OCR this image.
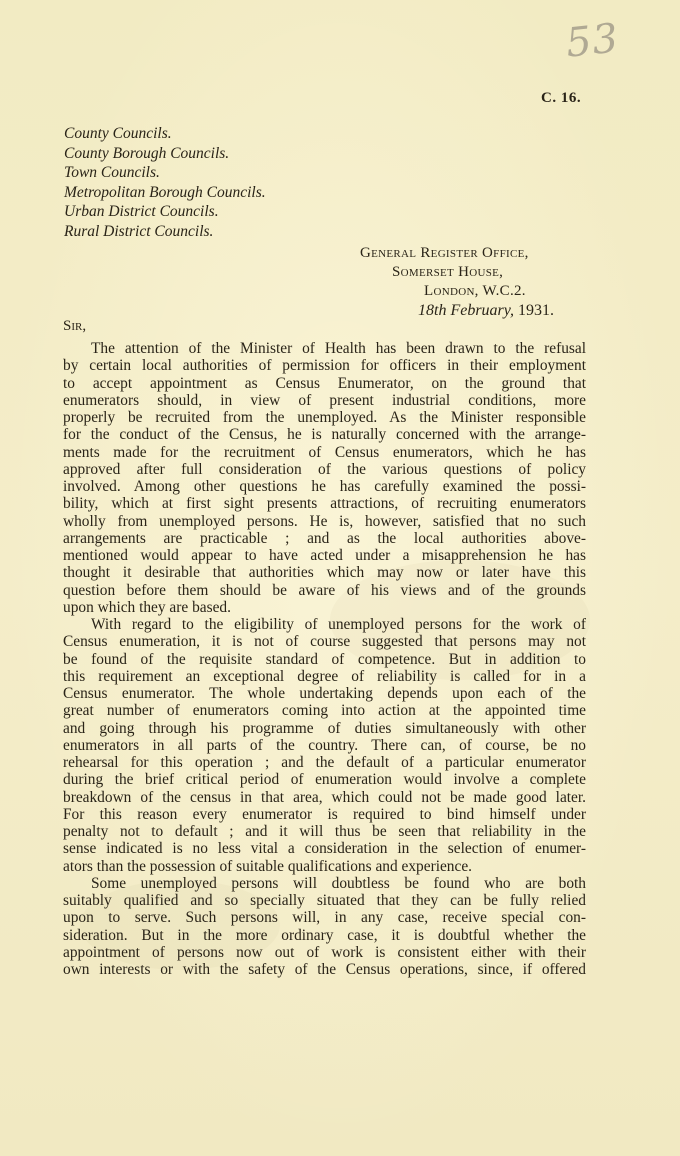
53
C. 16.
County Councils.
County Borough Councils.
Town Councils.
Metropolitan Borough Councils.
Urban District Councils.
Rural District Councils.
General Register Office,
Somerset House,
London, W.C.2.
18th February, 1931.
Sir,
The attention of the Minister of Health has been drawn to the refusal
by certain local authorities of permission for officers in their employment
to accept appointment as Census Enumerator, on the ground that
enumerators should, in view of present industrial conditions, more
properly be recruited from the unemployed. As the Minister responsible
for the conduct of the Census, he is naturally concerned with the arrange-
ments made for the recruitment of Census enumerators, which he has
approved after full consideration of the various questions of policy
involved. Among other questions he has carefully examined the possi-
bility, which at first sight presents attractions, of recruiting enumerators
wholly from unemployed persons. He is, however, satisfied that no such
arrangements are practicable ; and as the local authorities above-
mentioned would appear to have acted under a misapprehension he has
thought it desirable that authorities which may now or later have this
question before them should be aware of his views and of the grounds
upon which they are based.
With regard to the eligibility of unemployed persons for the work of
Census enumeration, it is not of course suggested that persons may not
be found of the requisite standard of competence. But in addition to
this requirement an exceptional degree of reliability is called for in a
Census enumerator. The whole undertaking depends upon each of the
great number of enumerators coming into action at the appointed time
and going through his programme of duties simultaneously with other
enumerators in all parts of the country. There can, of course, be no
rehearsal for this operation ; and the default of a particular enumerator
during the brief critical period of enumeration would involve a complete
breakdown of the census in that area, which could not be made good later.
For this reason every enumerator is required to bind himself under
penalty not to default ; and it will thus be seen that reliability in the
sense indicated is no less vital a consideration in the selection of enumer-
ators than the possession of suitable qualifications and experience.
Some unemployed persons will doubtless be found who are both
suitably qualified and so specially situated that they can be fully relied
upon to serve. Such persons will, in any case, receive special con-
sideration. But in the more ordinary case, it is doubtful whether the
appointment of persons now out of work is consistent either with their
own interests or with the safety of the Census operations, since, if offered
